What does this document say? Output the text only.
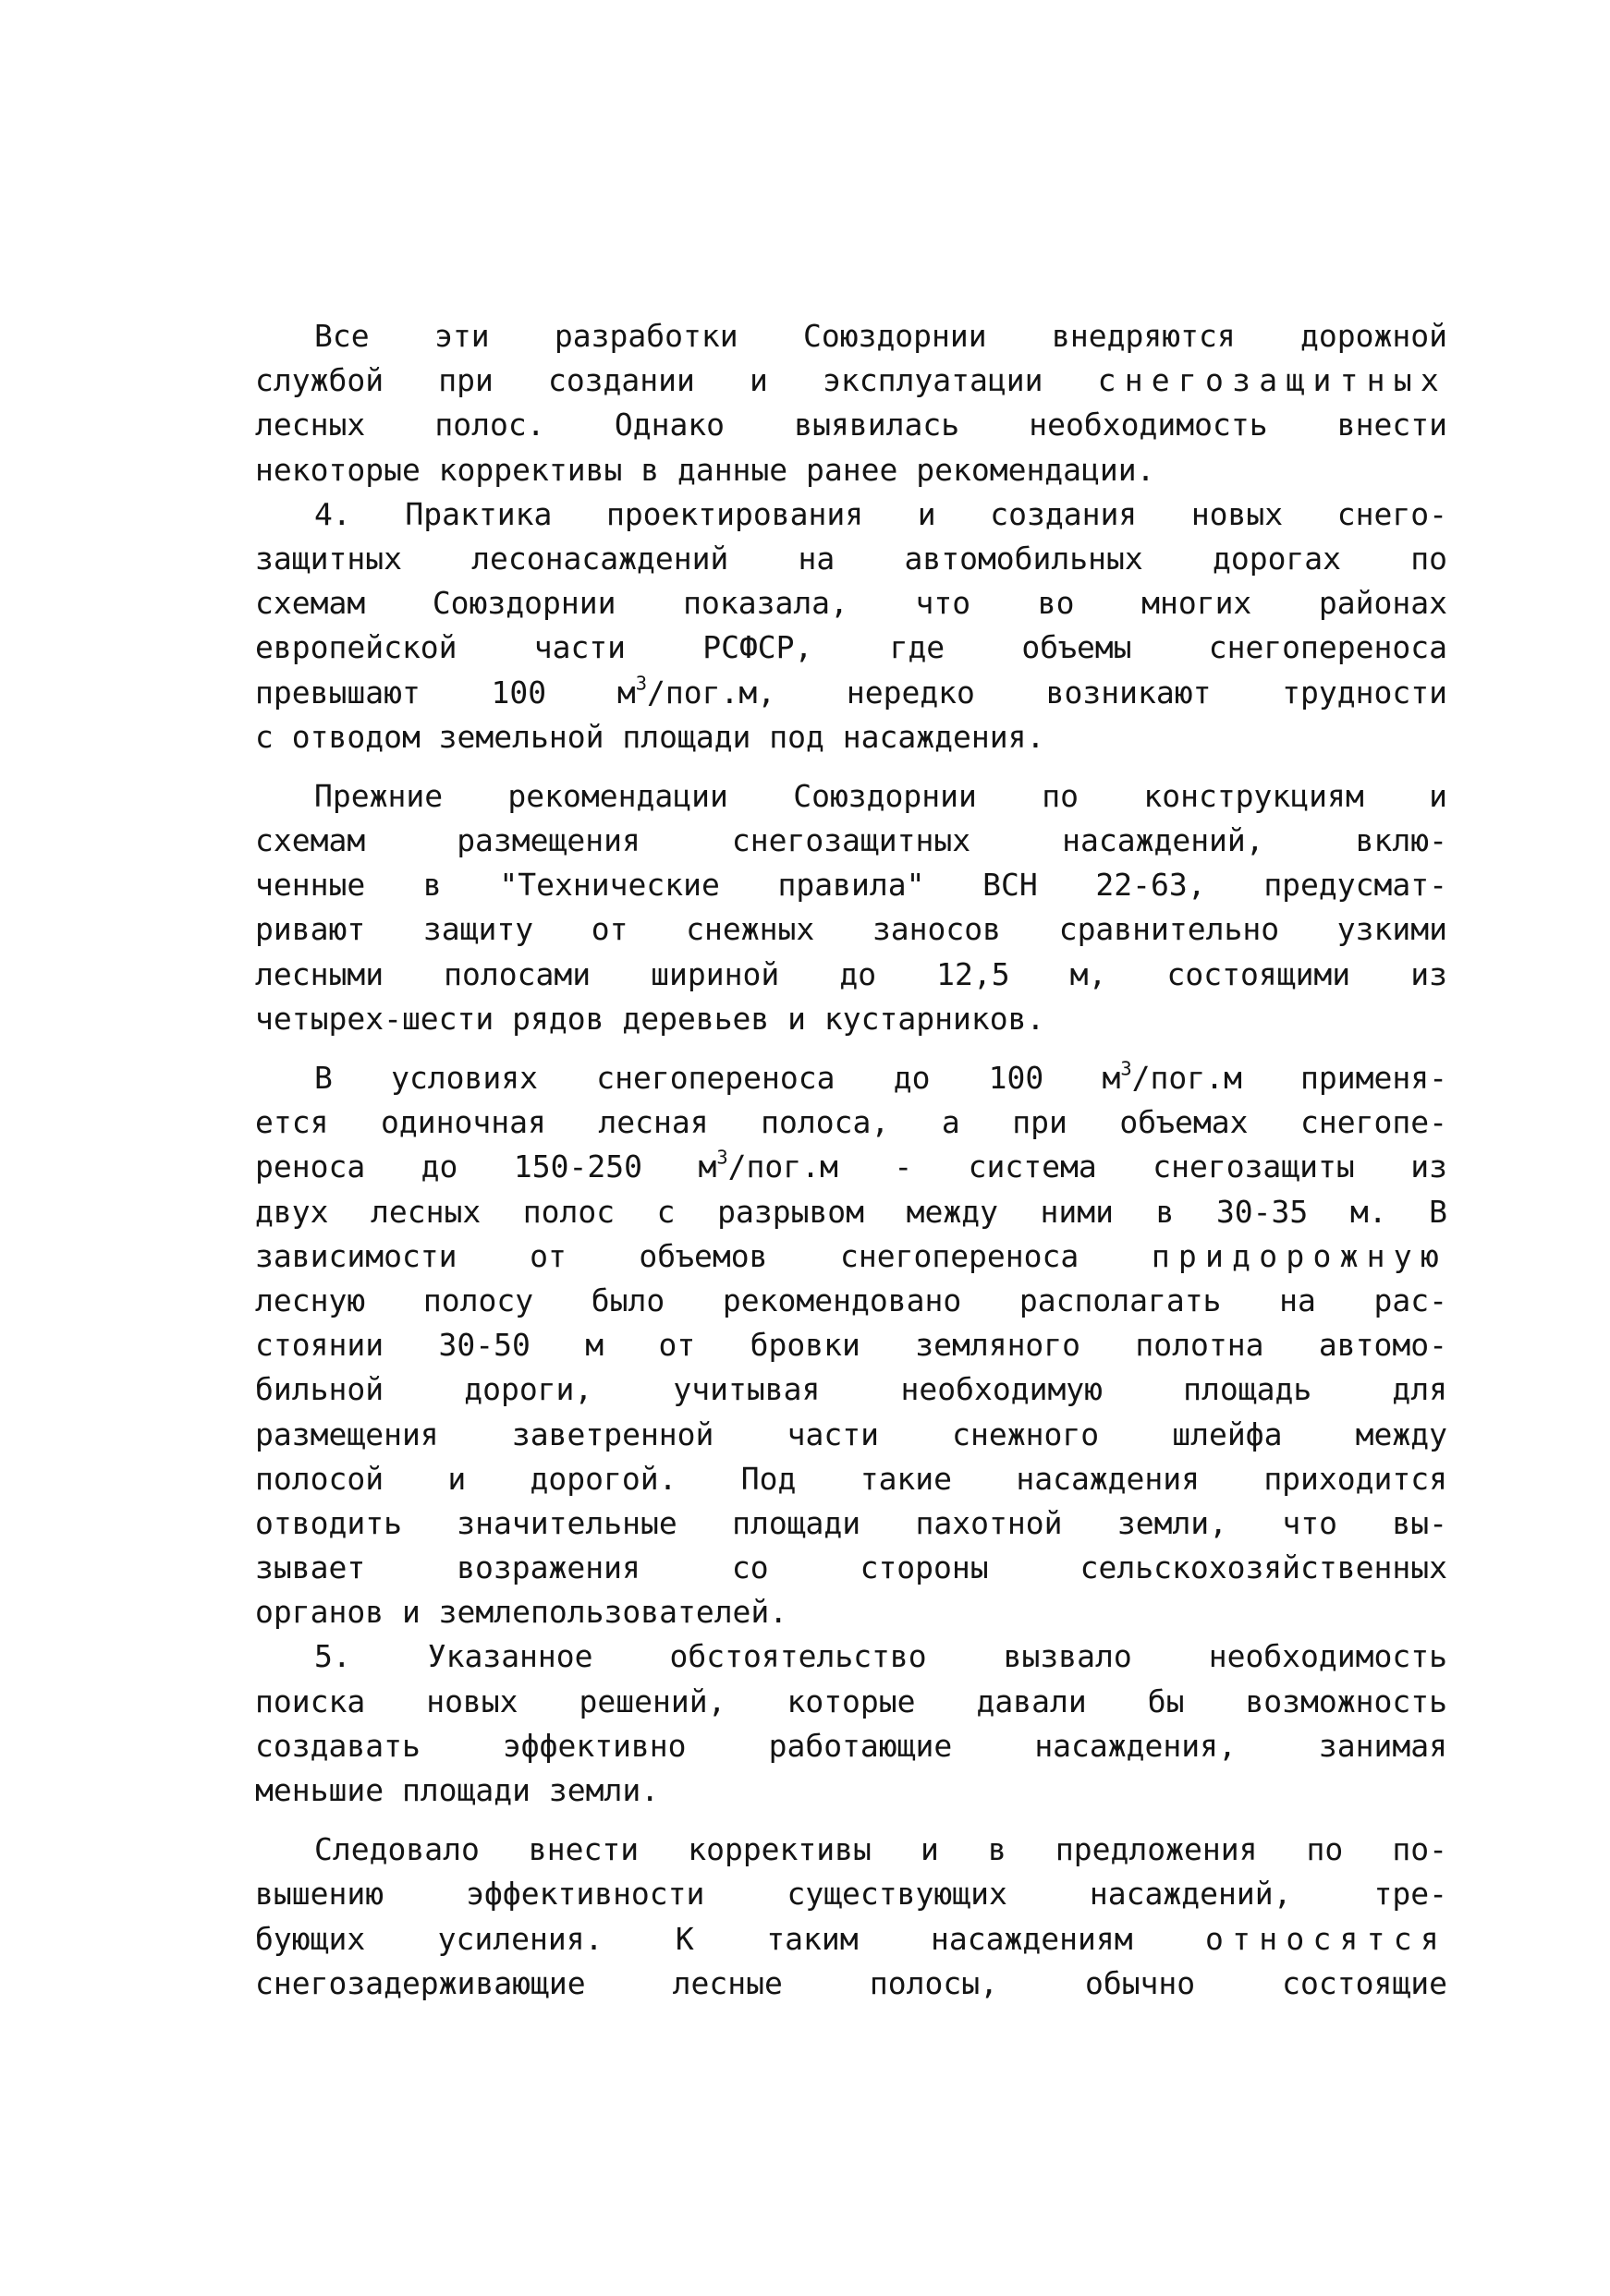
Все эти разработки Союздорнии внедряются дорожной
службой при создании и эксплуатации снегозащитных
лесных полос. Однако выявилась необходимость внести
некоторые коррективы в данные ранее рекомендации.
4. Практика проектирования и создания новых снего-
защитных лесонасаждений на автомобильных дорогах по
схемам Союздорнии показала, что во многих районах
европейской части РСФСР, где объемы снегопереноса
превышают 100 $м^3/пог.м$, нередко возникают трудности
с отводом земельной площади под насаждения.
Прежние рекомендации Союздорнии по конструкциям и
схемам размещения снегозащитных насаждений, вклю-
ченные в "Технические правила" ВСН 22-63, предусмат-
ривают защиту от снежных заносов сравнительно узкими
лесными полосами шириной до 12,5 м, состоящими из
четырех-шести рядов деревьев и кустарников.
В условиях снегопереноса до 100 $м^3/пог.м$ применя-
ется одиночная лесная полоса, а при объемах снегопе-
реноса до 150-250 $м^3/пог.м$ - система снегозащиты из
двух лесных полос с разрывом между ними в 30-35 м. В
зависимости от объемов снегопереноса придорожную
лесную полосу было рекомендовано располагать на рас-
стоянии 30-50 м от бровки земляного полотна автомо-
бильной дороги, учитывая необходимую площадь для
размещения заветренной части снежного шлейфа между
полосой и дорогой. Под такие насаждения приходится
отводить значительные площади пахотной земли, что вы-
зывает возражения со стороны сельскохозяйственных
органов и землепользователей.
5. Указанное обстоятельство вызвало необходимость
поиска новых решений, которые давали бы возможность
создавать эффективно работающие насаждения, занимая
меньшие площади земли.
Следовало внести коррективы и в предложения по по-
вышению эффективности существующих насаждений, тре-
бующих усиления. К таким насаждениям относятся
снегозадерживающие лесные полосы, обычно состоящие
